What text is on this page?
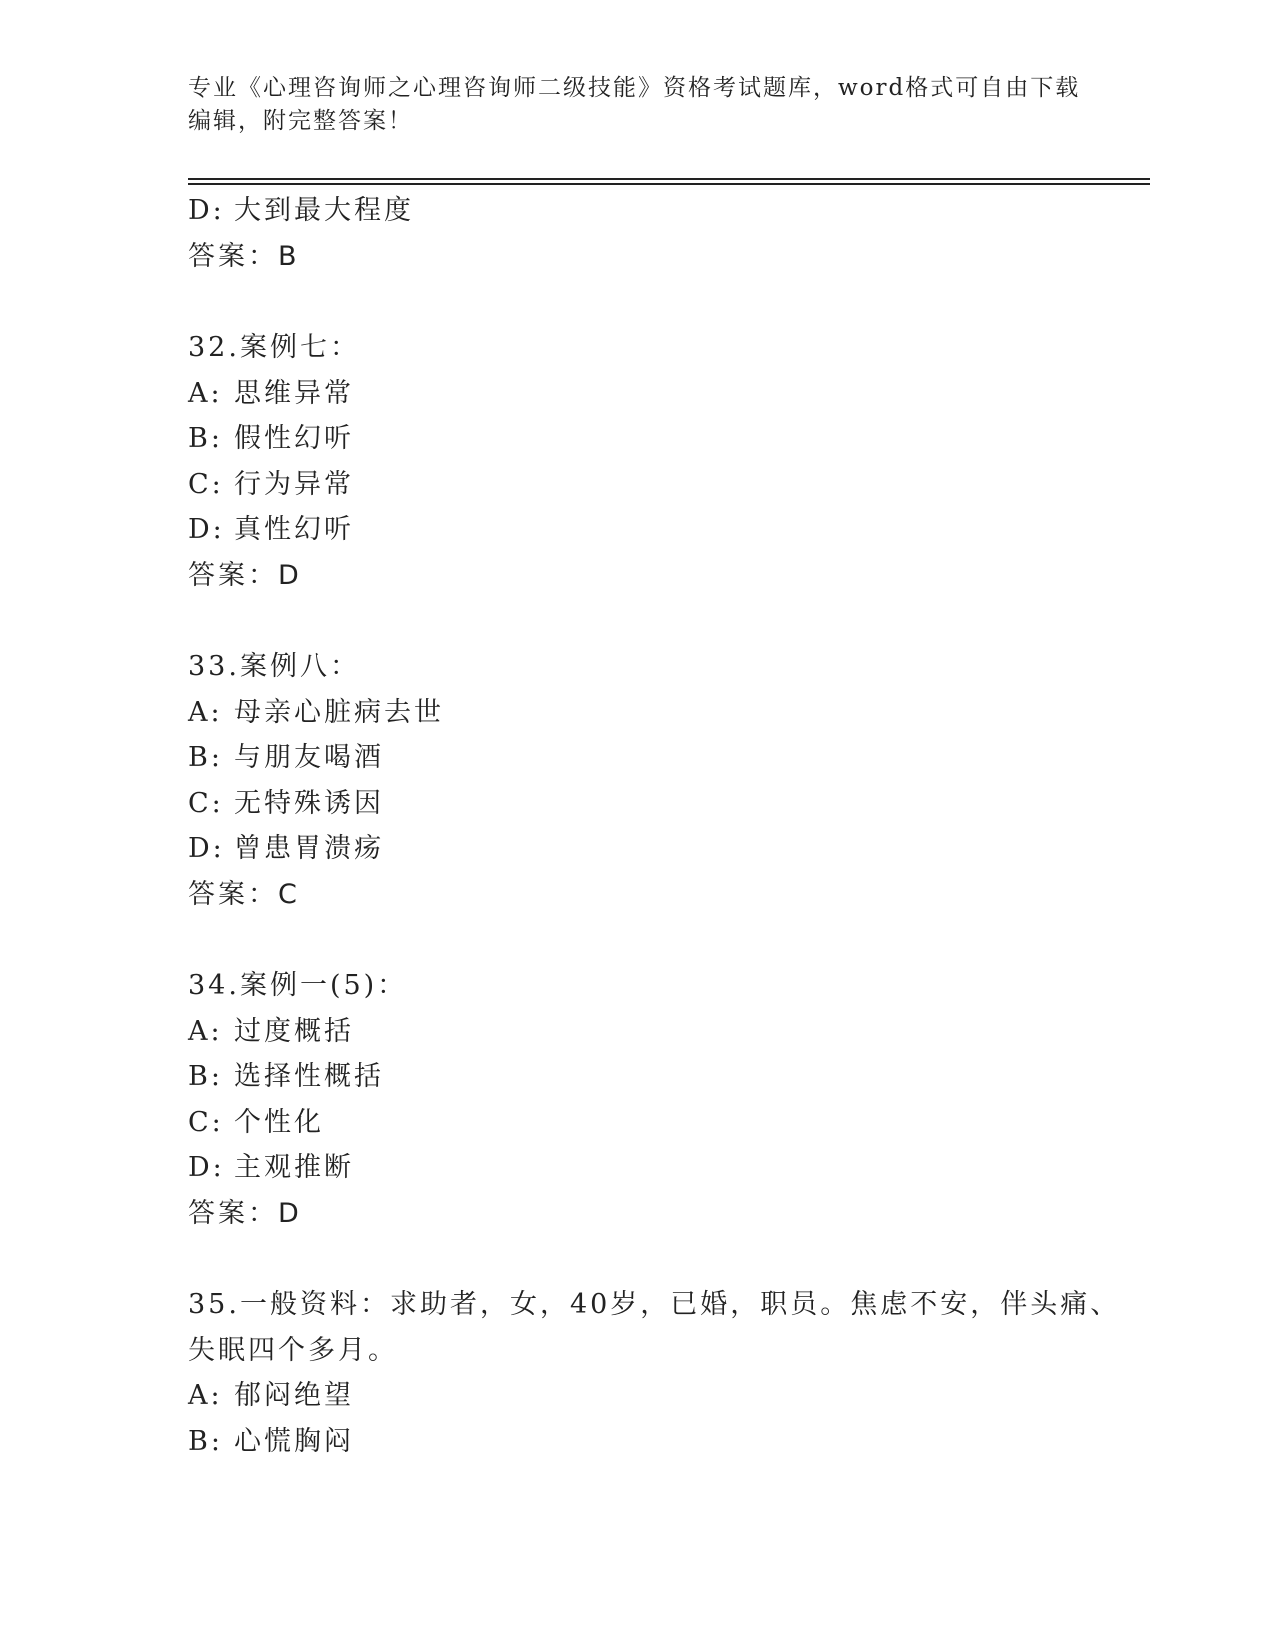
专业《心理咨询师之心理咨询师二级技能》资格考试题库，word格式可自由下载
编辑，附完整答案！
D: 大到最大程度
答案：B
32.案例七：
A: 思维异常
B: 假性幻听
C: 行为异常
D: 真性幻听
答案：D
33.案例八：
A: 母亲心脏病去世
B: 与朋友喝酒
C: 无特殊诱因
D: 曾患胃溃疡
答案：C
34.案例一(5)：
A: 过度概括
B: 选择性概括
C: 个性化
D: 主观推断
答案：D
35.一般资料：求助者，女，40岁，已婚，职员。焦虑不安，伴头痛、
失眠四个多月。
A: 郁闷绝望
B: 心慌胸闷
